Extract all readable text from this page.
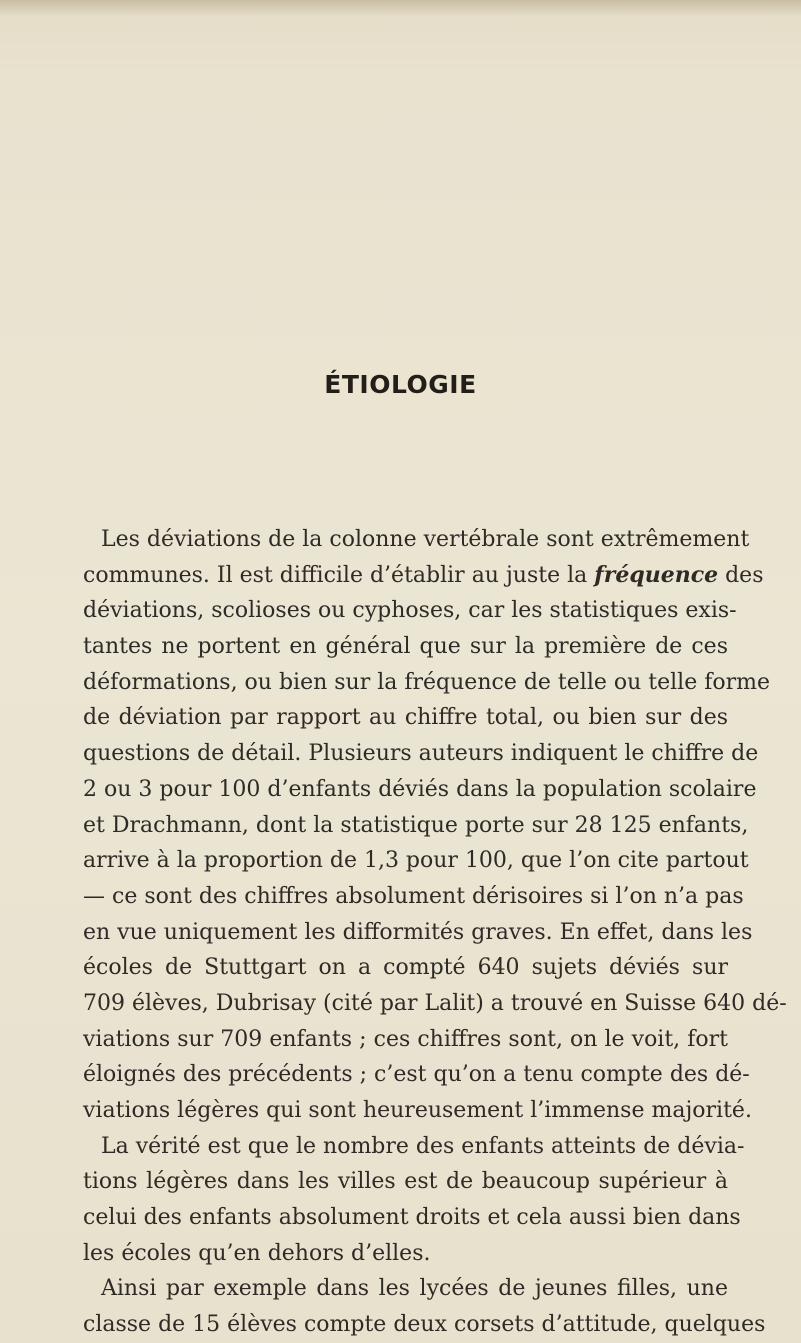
ÉTIOLOGIE
Les déviations de la colonne vertébrale sont extrêmement
communes. Il est difficile d’établir au juste la fréquence des
déviations, scolioses ou cyphoses, car les statistiques exis-
tantes ne portent en général que sur la première de ces
déformations, ou bien sur la fréquence de telle ou telle forme
de déviation par rapport au chiffre total, ou bien sur des
questions de détail. Plusieurs auteurs indiquent le chiffre de
2 ou 3 pour 100 d’enfants déviés dans la population scolaire
et Drachmann, dont la statistique porte sur 28 125 enfants,
arrive à la proportion de 1,3 pour 100, que l’on cite partout
— ce sont des chiffres absolument dérisoires si l’on n’a pas
en vue uniquement les difformités graves. En effet, dans les
écoles de Stuttgart on a compté 640 sujets déviés sur
709 élèves, Dubrisay (cité par Lalit) a trouvé en Suisse 640 dé-
viations sur 709 enfants ; ces chiffres sont, on le voit, fort
éloignés des précédents ; c’est qu’on a tenu compte des dé-
viations légères qui sont heureusement l’immense majorité.
La vérité est que le nombre des enfants atteints de dévia-
tions légères dans les villes est de beaucoup supérieur à
celui des enfants absolument droits et cela aussi bien dans
les écoles qu’en dehors d’elles.
Ainsi par exemple dans les lycées de jeunes filles, une
classe de 15 élèves compte deux corsets d’attitude, quelques
